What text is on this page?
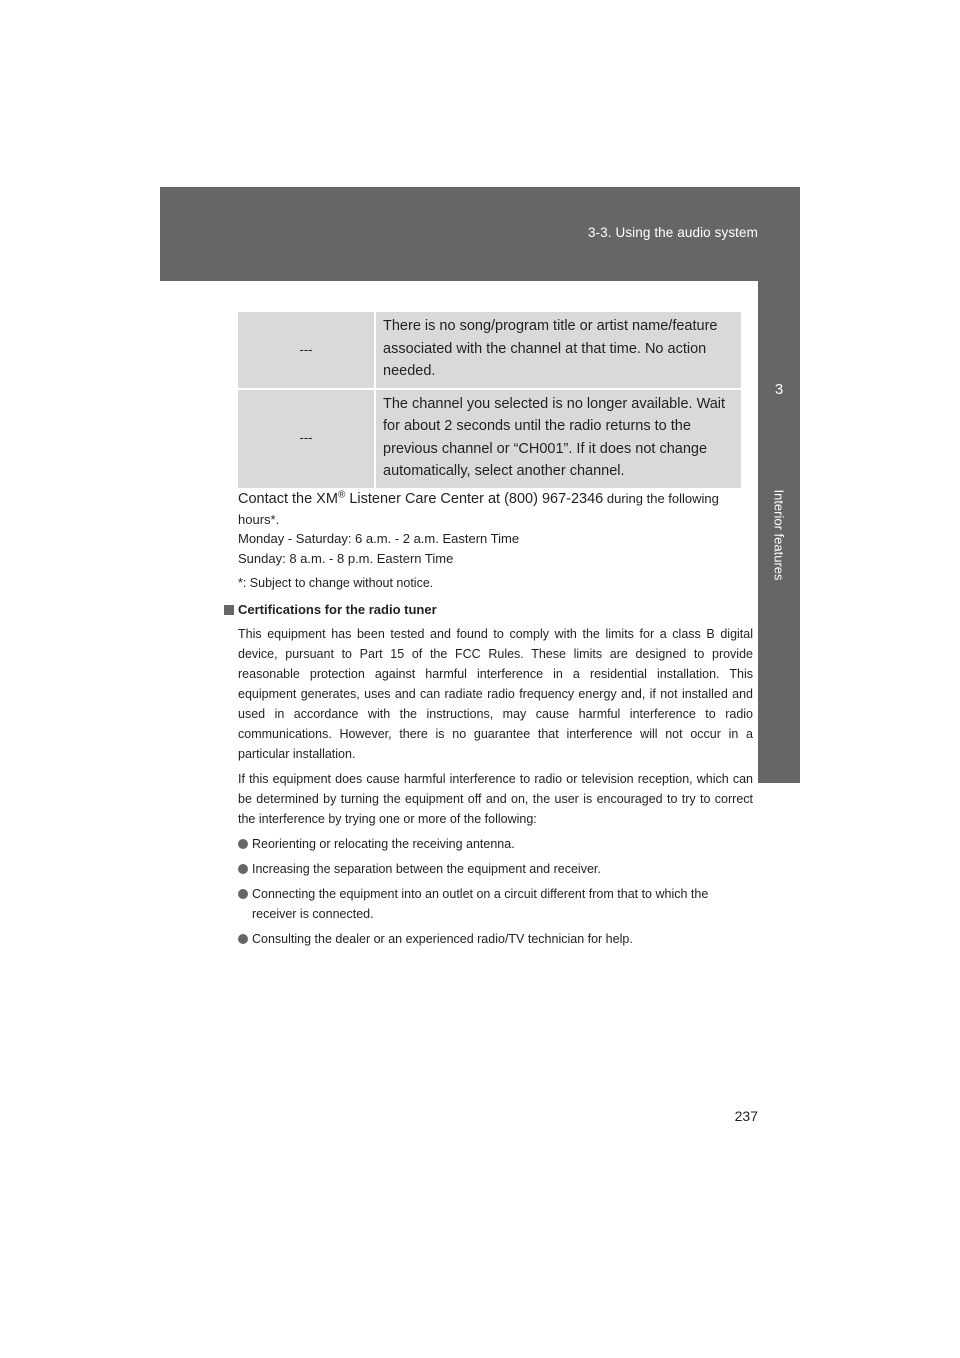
3-3. Using the audio system
3
Interior features
---	There is no song/program title or artist name/feature associated with the channel at that time. No action needed.
---	The channel you selected is no longer available. Wait for about 2 seconds until the radio returns to the previous channel or “CH001”. If it does not change automatically, select another channel.

Contact the XM® Listener Care Center at (800) 967-2346 during the following hours*.
Monday - Saturday: 6 a.m. - 2 a.m. Eastern Time
Sunday: 8 a.m. - 8 p.m. Eastern Time

*: Subject to change without notice.

Certifications for the radio tuner

This equipment has been tested and found to comply with the limits for a class B digital device, pursuant to Part 15 of the FCC Rules. These limits are designed to provide reasonable protection against harmful interference in a residential installation. This equipment generates, uses and can radiate radio frequency energy and, if not installed and used in accordance with the instructions, may cause harmful interference to radio communications. However, there is no guarantee that interference will not occur in a particular installation.

If this equipment does cause harmful interference to radio or television reception, which can be determined by turning the equipment off and on, the user is encouraged to try to correct the interference by trying one or more of the following:

Reorienting or relocating the receiving antenna.
Increasing the separation between the equipment and receiver.
Connecting the equipment into an outlet on a circuit different from that to which the receiver is connected.
Consulting the dealer or an experienced radio/TV technician for help.
237
